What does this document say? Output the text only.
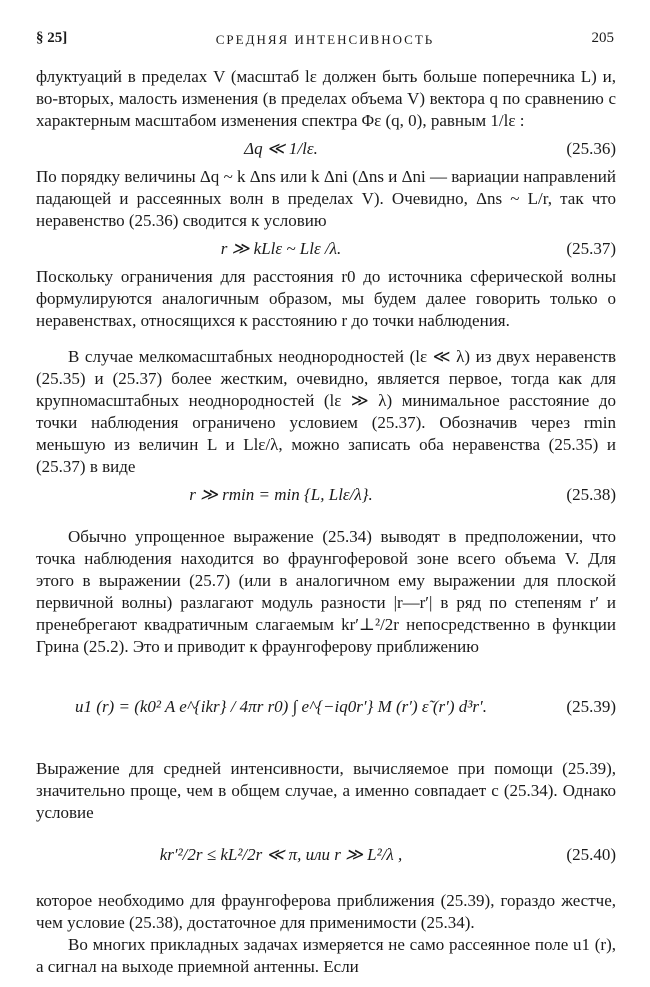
§ 25]	СРЕДНЯЯ ИНТЕНСИВНОСТЬ	205

флуктуаций в пределах V (масштаб lε должен быть больше поперечника L) и, во-вторых, малость изменения (в пределах объема V) вектора q по сравнению с характерным масштабом изменения спектра Φε (q, 0), равным 1/lε :

Δq ≪ 1/lε.	(25.36)

По порядку величины Δq ~ k Δns или k Δni (Δns и Δni — вариации направлений падающей и рассеянных волн в пределах V). Очевидно, Δns ~ L/r, так что неравенство (25.36) сводится к условию

r ≫ kLlε ~ Llε /λ.	(25.37)

Поскольку ограничения для расстояния r0 до источника сферической волны формулируются аналогичным образом, мы будем далее говорить только о неравенствах, относящихся к расстоянию r до точки наблюдения.

В случае мелкомасштабных неоднородностей (lε ≪ λ) из двух неравенств (25.35) и (25.37) более жестким, очевидно, является первое, тогда как для крупномасштабных неоднородностей (lε ≫ λ) минимальное расстояние до точки наблюдения ограничено условием (25.37). Обозначив через rmin меньшую из величин L и Llε/λ, можно записать оба неравенства (25.35) и (25.37) в виде

r ≫ rmin = min {L, Llε/λ}.	(25.38)

Обычно упрощенное выражение (25.34) выводят в предположении, что точка наблюдения находится во фраунгоферовой зоне всего объема V. Для этого в выражении (25.7) (или в аналогичном ему выражении для плоской первичной волны) разлагают модуль разности |r—r′| в ряд по степеням r′ и пренебрегают квадратичным слагаемым kr′⊥²/2r непосредственно в функции Грина (25.2). Это и приводит к фраунгоферову приближению

u1 (r) = (k0² A e^{ikr} / 4πr r0) ∫ e^{−iq0r′} M (r′) ε̃ (r′) d³r′.	(25.39)

Выражение для средней интенсивности, вычисляемое при помощи (25.39), значительно проще, чем в общем случае, а именно совпадает с (25.34). Однако условие

kr′²/2r ≤ kL²/2r ≪ π, или r ≫ L²/λ ,	(25.40)

которое необходимо для фраунгоферова приближения (25.39), гораздо жестче, чем условие (25.38), достаточное для применимости (25.34).

Во многих прикладных задачах измеряется не само рассеянное поле u1 (r), а сигнал на выходе приемной антенны. Если
